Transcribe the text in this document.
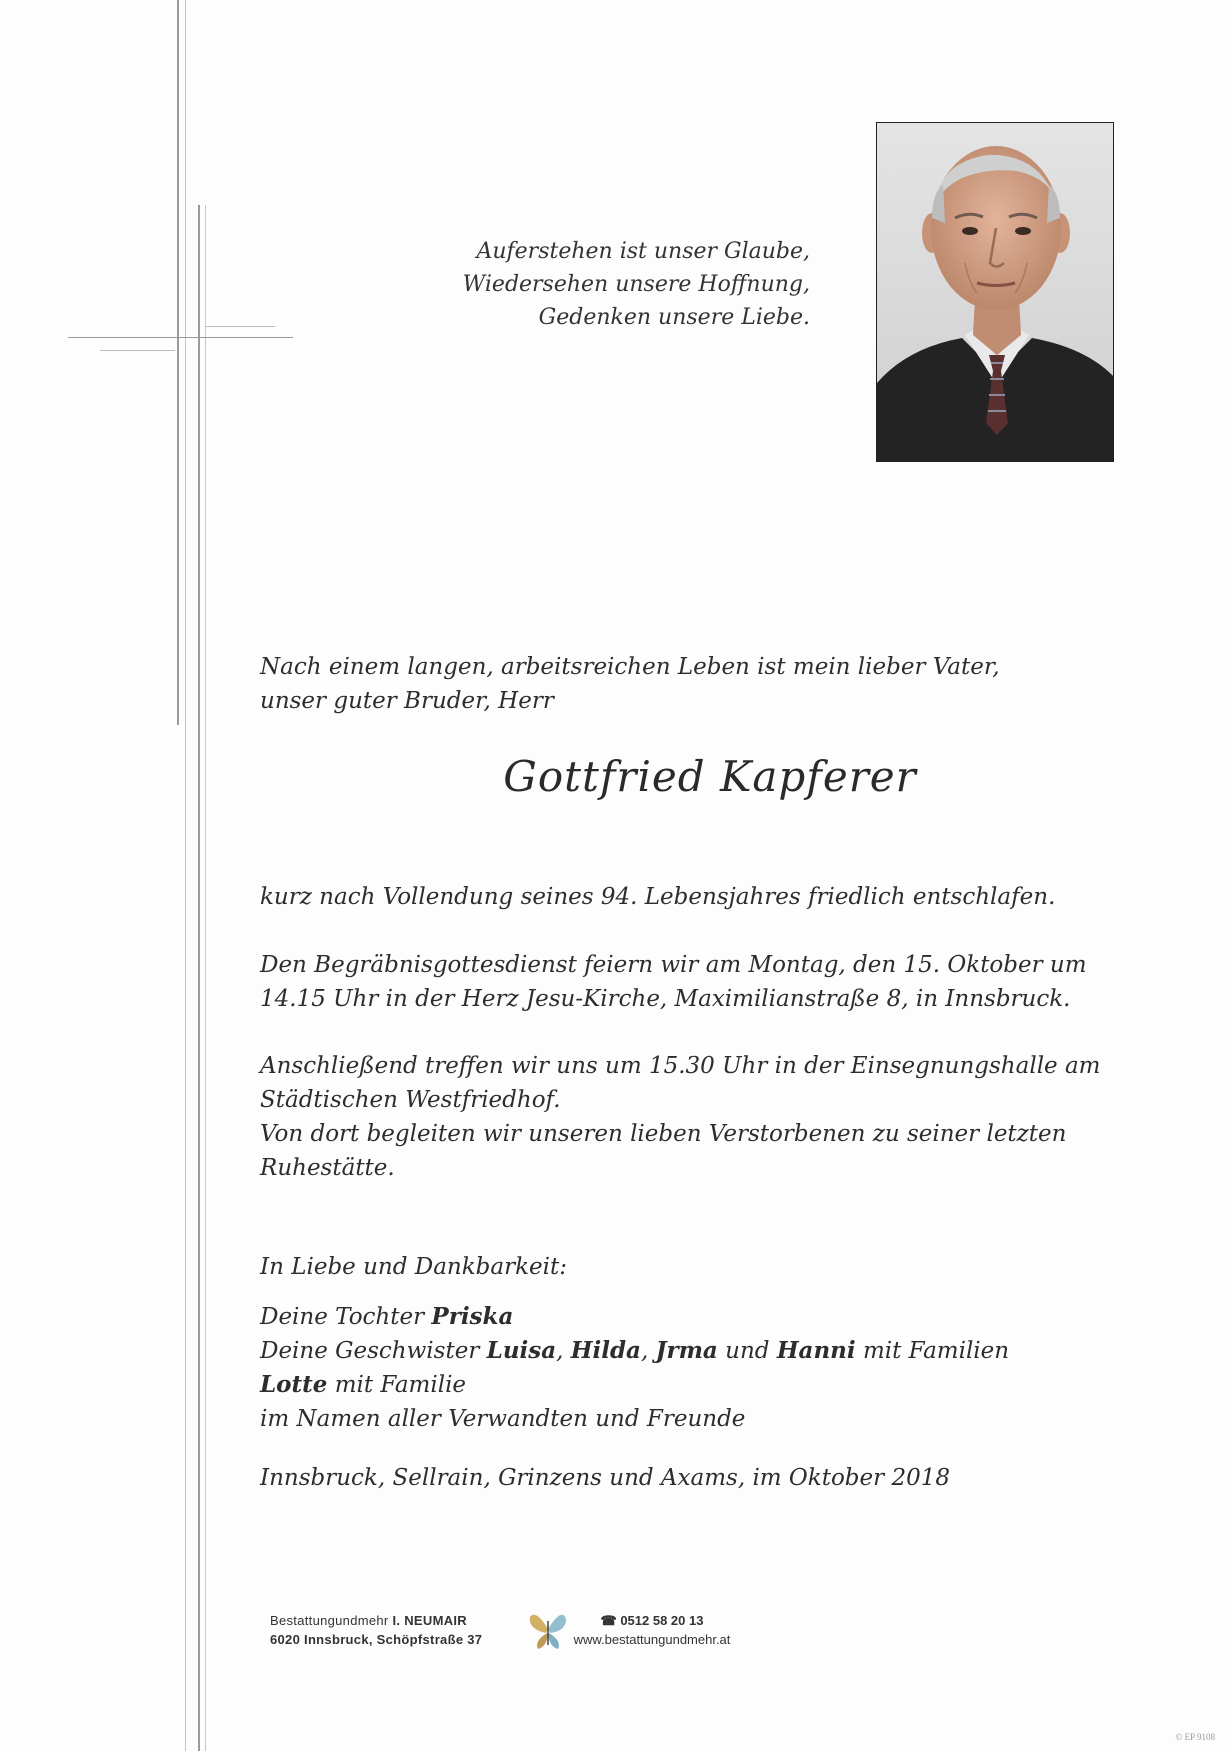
Auferstehen ist unser Glaube,
Wiedersehen unsere Hoffnung,
Gedenken unsere Liebe.
Nach einem langen, arbeitsreichen Leben ist mein lieber Vater,
unser guter Bruder, Herr
Gottfried Kapferer
kurz nach Vollendung seines 94. Lebensjahres friedlich entschlafen.
Den Begräbnisgottesdienst feiern wir am Montag, den 15. Oktober um
14.15 Uhr in der Herz Jesu-Kirche, Maximilianstraße 8, in Innsbruck.
Anschließend treffen wir uns um 15.30 Uhr in der Einsegnungshalle am
Städtischen Westfriedhof.
Von dort begleiten wir unseren lieben Verstorbenen zu seiner letzten
Ruhestätte.
In Liebe und Dankbarkeit:
Deine Tochter Priska
Deine Geschwister Luisa, Hilda, Jrma und Hanni mit Familien
Lotte mit Familie
im Namen aller Verwandten und Freunde
Innsbruck, Sellrain, Grinzens und Axams, im Oktober 2018
Bestattungundmehr I. NEUMAIR
6020 Innsbruck, Schöpfstraße 37
☎ 0512 58 20 13
www.bestattungundmehr.at
© EP 9108
